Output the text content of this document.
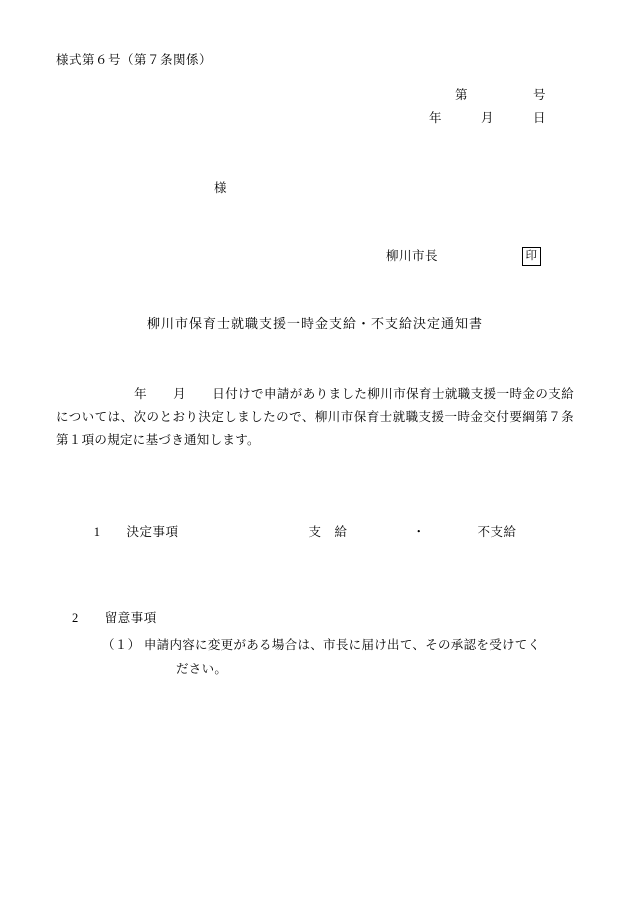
様式第６号（第７条関係）
第　　　　　号
年　　　月　　　日
様
柳川市長	印
柳川市保育士就職支援一時金支給・不支給決定通知書
年 月 日付けで申請がありました柳川市保育士就職支援一時金の支給については、次のとおり決定しましたので、柳川市保育士就職支援一時金交付要綱第７条第１項の規定に基づき通知します。

1　　 決定事項　　　　　　　　　　	支　給　　　　　・　　　　不支給

2　　 留意事項
（１） 申請内容に変更がある場合は、市長に届け出て、その承認を受けてく
ださい。
